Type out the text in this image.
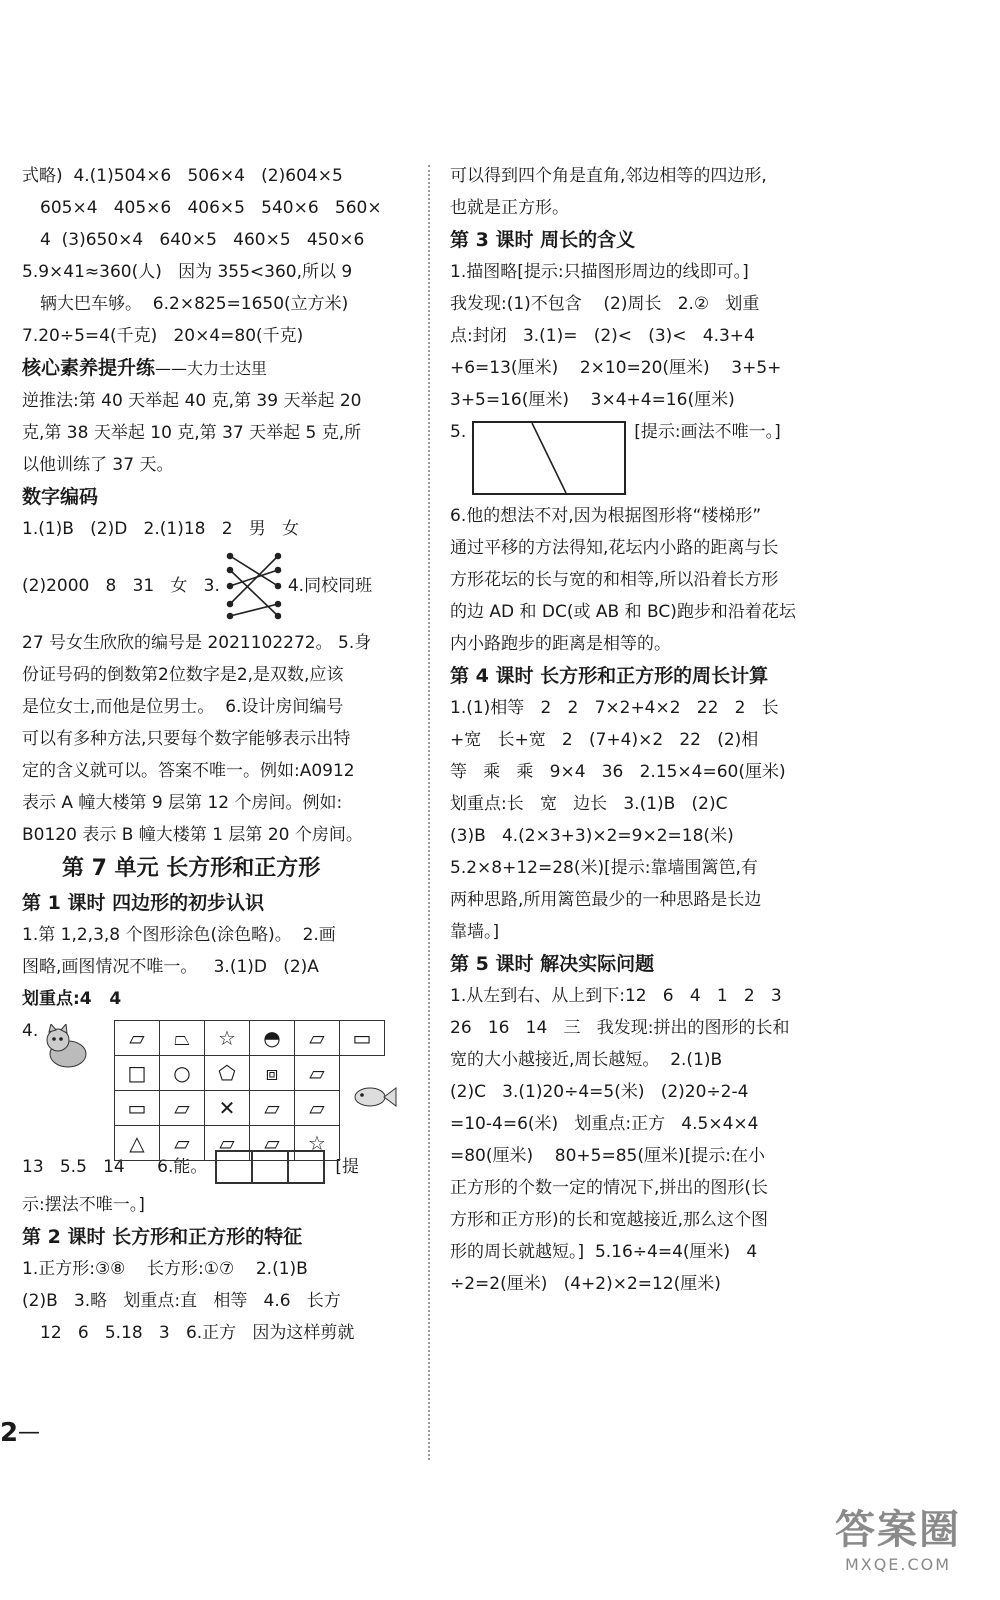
式略)  4.(1)504×6   506×4   (2)604×5
605×4   405×6   406×5   540×6   560×
4  (3)650×4   640×5   460×5   450×6
5.9×41≈360(人)   因为 355<360,所以 9
辆大巴车够。  6.2×825=1650(立方米)
7.20÷5=4(千克)   20×4=80(千克)
核心素养提升练——大力士达里
逆推法:第 40 天举起 40 克,第 39 天举起 20
克,第 38 天举起 10 克,第 37 天举起 5 克,所
以他训练了 37 天。
数字编码
1.(1)B   (2)D   2.(1)18   2   男   女
(2)2000   8   31   女   3.	4.同校同班
27 号女生欣欣的编号是 2021102272。 5.身
份证号码的倒数第2位数字是2,是双数,应该
是位女士,而他是位男士。  6.设计房间编号
可以有多种方法,只要每个数字能够表示出特
定的含义就可以。答案不唯一。例如:A0912
表示 A 幢大楼第 9 层第 12 个房间。例如:
B0120 表示 B 幢大楼第 1 层第 20 个房间。
第 7 单元 长方形和正方形
第 1 课时 四边形的初步认识
1.第 1,2,3,8 个图形涂色(涂色略)。  2.画
图略,画图情况不唯一。   3.(1)D   (2)A
划重点:4   4
4.	▱	⏢	☆	◓	▱	▭
□	○	⬠	⧈	▱	
▭	▱	✕	▱	▱	
△	▱	▱	▱	☆	
13   5.5   14      6.能。	[提
示:摆法不唯一。]
第 2 课时 长方形和正方形的特征
1.正方形:③⑧    长方形:①⑦    2.(1)B
(2)B   3.略   划重点:直   相等   4.6   长方
12   6   5.18   3   6.正方   因为这样剪就
可以得到四个角是直角,邻边相等的四边形,
也就是正方形。
第 3 课时 周长的含义
1.描图略[提示:只描图形周边的线即可。]
我发现:(1)不包含    (2)周长   2.②   划重
点:封闭   3.(1)=   (2)<   (3)<   4.3+4
+6=13(厘米)    2×10=20(厘米)    3+5+
3+5=16(厘米)    3×4+4=16(厘米)
5.	[提示:画法不唯一。]
6.他的想法不对,因为根据图形将“楼梯形”
通过平移的方法得知,花坛内小路的距离与长
方形花坛的长与宽的和相等,所以沿着长方形
的边 AD 和 DC(或 AB 和 BC)跑步和沿着花坛
内小路跑步的距离是相等的。
第 4 课时 长方形和正方形的周长计算
1.(1)相等   2   2   7×2+4×2   22   2   长
+宽   长+宽   2   (7+4)×2   22   (2)相
等   乘   乘   9×4   36   2.15×4=60(厘米)
划重点:长   宽   边长   3.(1)B   (2)C
(3)B   4.(2×3+3)×2=9×2=18(米)
5.2×8+12=28(米)[提示:靠墙围篱笆,有
两种思路,所用篱笆最少的一种思路是长边
靠墙。]
第 5 课时 解决实际问题
1.从左到右、从上到下:12   6   4   1   2   3
26   16   14   三   我发现:拼出的图形的长和
宽的大小越接近,周长越短。  2.(1)B
(2)C   3.(1)20÷4=5(米)   (2)20÷2-4
=10-4=6(米)   划重点:正方   4.5×4×4
=80(厘米)    80+5=85(厘米)[提示:在小
正方形的个数一定的情况下,拼出的图形(长
方形和正方形)的长和宽越接近,那么这个图
形的周长就越短。]  5.16÷4=4(厘米)   4
÷2=2(厘米)   (4+2)×2=12(厘米)
2 —
答案圈
MXQE.COM
